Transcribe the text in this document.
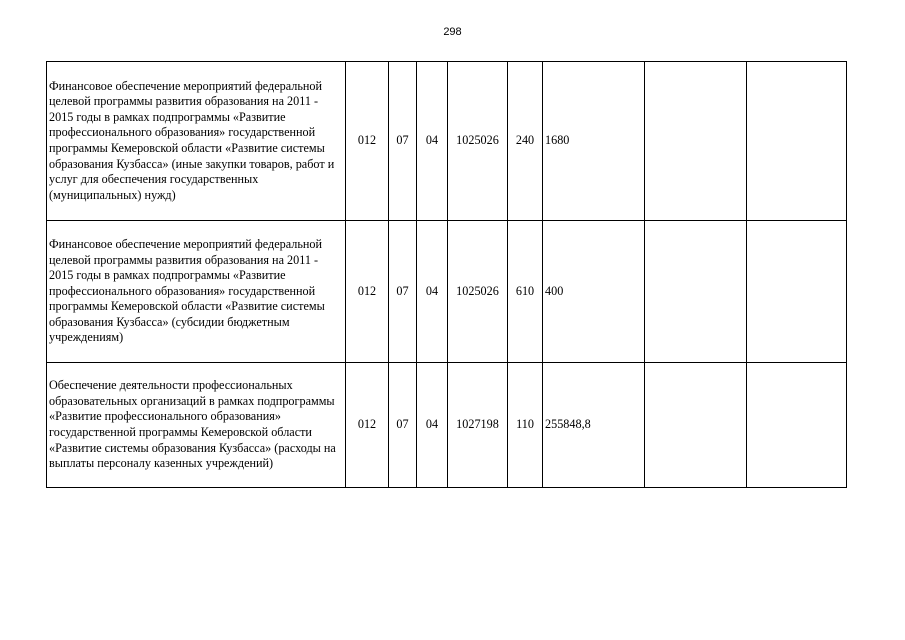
298
Финансовое обеспечение мероприятий федеральной целевой программы развития образования на 2011 - 2015 годы в рамках подпрограммы «Развитие профессионального образования» государственной программы Кемеровской области «Развитие системы образования Кузбасса» (иные закупки товаров, работ и услуг для обеспечения государственных (муниципальных) нужд)	012	07	04	1025026	240	1680		
Финансовое обеспечение мероприятий федеральной целевой программы развития образования на 2011 - 2015 годы в рамках подпрограммы «Развитие профессионального образования» государственной программы Кемеровской области «Развитие системы образования Кузбасса» (субсидии бюджетным учреждениям)	012	07	04	1025026	610	400		
Обеспечение деятельности профессиональных образовательных организаций в рамках подпрограммы «Развитие профессионального образования» государственной программы Кемеровской области «Развитие системы образования Кузбасса» (расходы на выплаты персоналу казенных учреждений)	012	07	04	1027198	110	255848,8		
